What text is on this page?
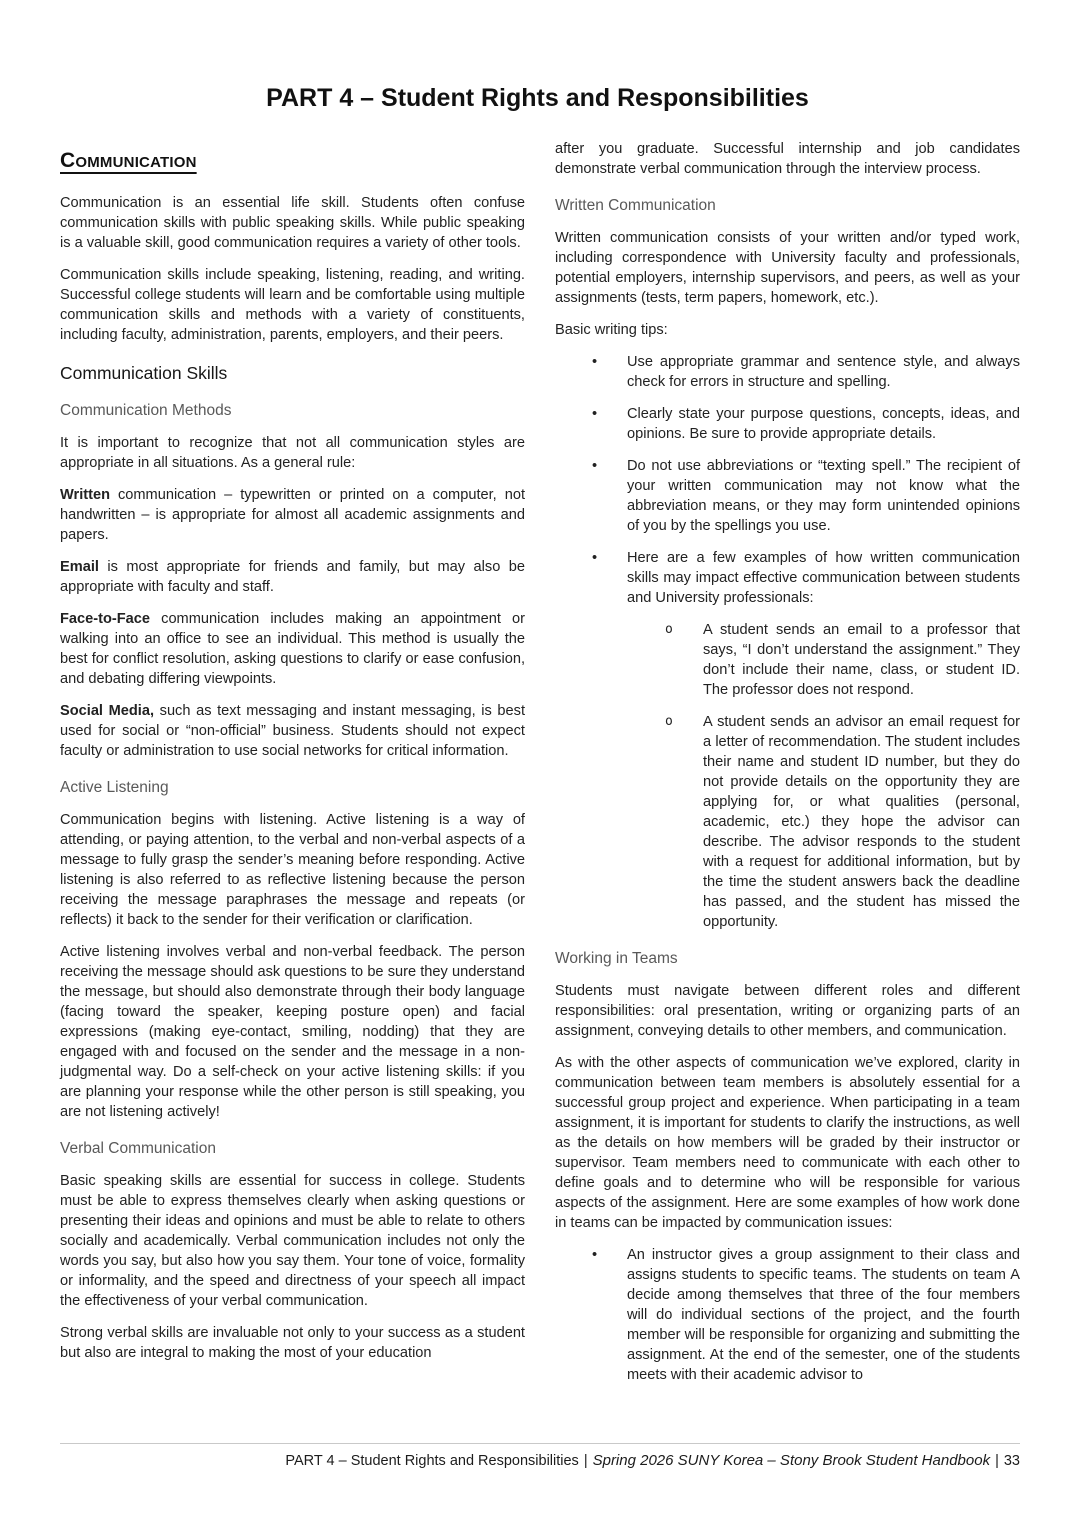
PART 4 – Student Rights and Responsibilities
Communication

Communication is an essential life skill. Students often confuse communication skills with public speaking skills. While public speaking is a valuable skill, good communication requires a variety of other tools.

Communication skills include speaking, listening, reading, and writing. Successful college students will learn and be comfortable using multiple communication skills and methods with a variety of constituents, including faculty, administration, parents, employers, and their peers.

Communication Skills
Communication Methods

It is important to recognize that not all communication styles are appropriate in all situations. As a general rule:

Written communication – typewritten or printed on a computer, not handwritten – is appropriate for almost all academic assignments and papers.

Email is most appropriate for friends and family, but may also be appropriate with faculty and staff.

Face-to-Face communication includes making an appointment or walking into an office to see an individual. This method is usually the best for conflict resolution, asking questions to clarify or ease confusion, and debating differing viewpoints.

Social Media, such as text messaging and instant messaging, is best used for social or “non-official” business. Students should not expect faculty or administration to use social networks for critical information.

Active Listening

Communication begins with listening. Active listening is a way of attending, or paying attention, to the verbal and non-verbal aspects of a message to fully grasp the sender’s meaning before responding. Active listening is also referred to as reflective listening because the person receiving the message paraphrases the message and repeats (or reflects) it back to the sender for their verification or clarification.

Active listening involves verbal and non-verbal feedback. The person receiving the message should ask questions to be sure they understand the message, but should also demonstrate through their body language (facing toward the speaker, keeping posture open) and facial expressions (making eye-contact, smiling, nodding) that they are engaged with and focused on the sender and the message in a non-judgmental way. Do a self-check on your active listening skills: if you are planning your response while the other person is still speaking, you are not listening actively!

Verbal Communication

Basic speaking skills are essential for success in college. Students must be able to express themselves clearly when asking questions or presenting their ideas and opinions and must be able to relate to others socially and academically. Verbal communication includes not only the words you say, but also how you say them. Your tone of voice, formality or informality, and the speed and directness of your speech all impact the effectiveness of your verbal communication.

Strong verbal skills are invaluable not only to your success as a student but also are integral to making the most of your education

after you graduate. Successful internship and job candidates demonstrate verbal communication through the interview process.

Written Communication

Written communication consists of your written and/or typed work, including correspondence with University faculty and professionals, potential employers, internship supervisors, and peers, as well as your assignments (tests, term papers, homework, etc.).

Basic writing tips:

•	Use appropriate grammar and sentence style, and always check for errors in structure and spelling.
•	Clearly state your purpose questions, concepts, ideas, and opinions. Be sure to provide appropriate details.
•	Do not use abbreviations or “texting spell.” The recipient of your written communication may not know what the abbreviation means, or they may form unintended opinions of you by the spellings you use.
•	Here are a few examples of how written communication skills may impact effective communication between students and University professionals:
o	A student sends an email to a professor that says, “I don’t understand the assignment.” They don’t include their name, class, or student ID. The professor does not respond.
o	A student sends an advisor an email request for a letter of recommendation. The student includes their name and student ID number, but they do not provide details on the opportunity they are applying for, or what qualities (personal, academic, etc.) they hope the advisor can describe. The advisor responds to the student with a request for additional information, but by the time the student answers back the deadline has passed, and the student has missed the opportunity.
Working in Teams

Students must navigate between different roles and different responsibilities: oral presentation, writing or organizing parts of an assignment, conveying details to other members, and communication.

As with the other aspects of communication we’ve explored, clarity in communication between team members is absolutely essential for a successful group project and experience. When participating in a team assignment, it is important for students to clarify the instructions, as well as the details on how members will be graded by their instructor or supervisor. Team members need to communicate with each other to define goals and to determine who will be responsible for various aspects of the assignment. Here are some examples of how work done in teams can be impacted by communication issues:

•	An instructor gives a group assignment to their class and assigns students to specific teams. The students on team A decide among themselves that three of the four members will do individual sections of the project, and the fourth member will be responsible for organizing and submitting the assignment. At the end of the semester, one of the students meets with their academic advisor to
PART 4 – Student Rights and Responsibilities | Spring 2026 SUNY Korea – Stony Brook Student Handbook | 33
